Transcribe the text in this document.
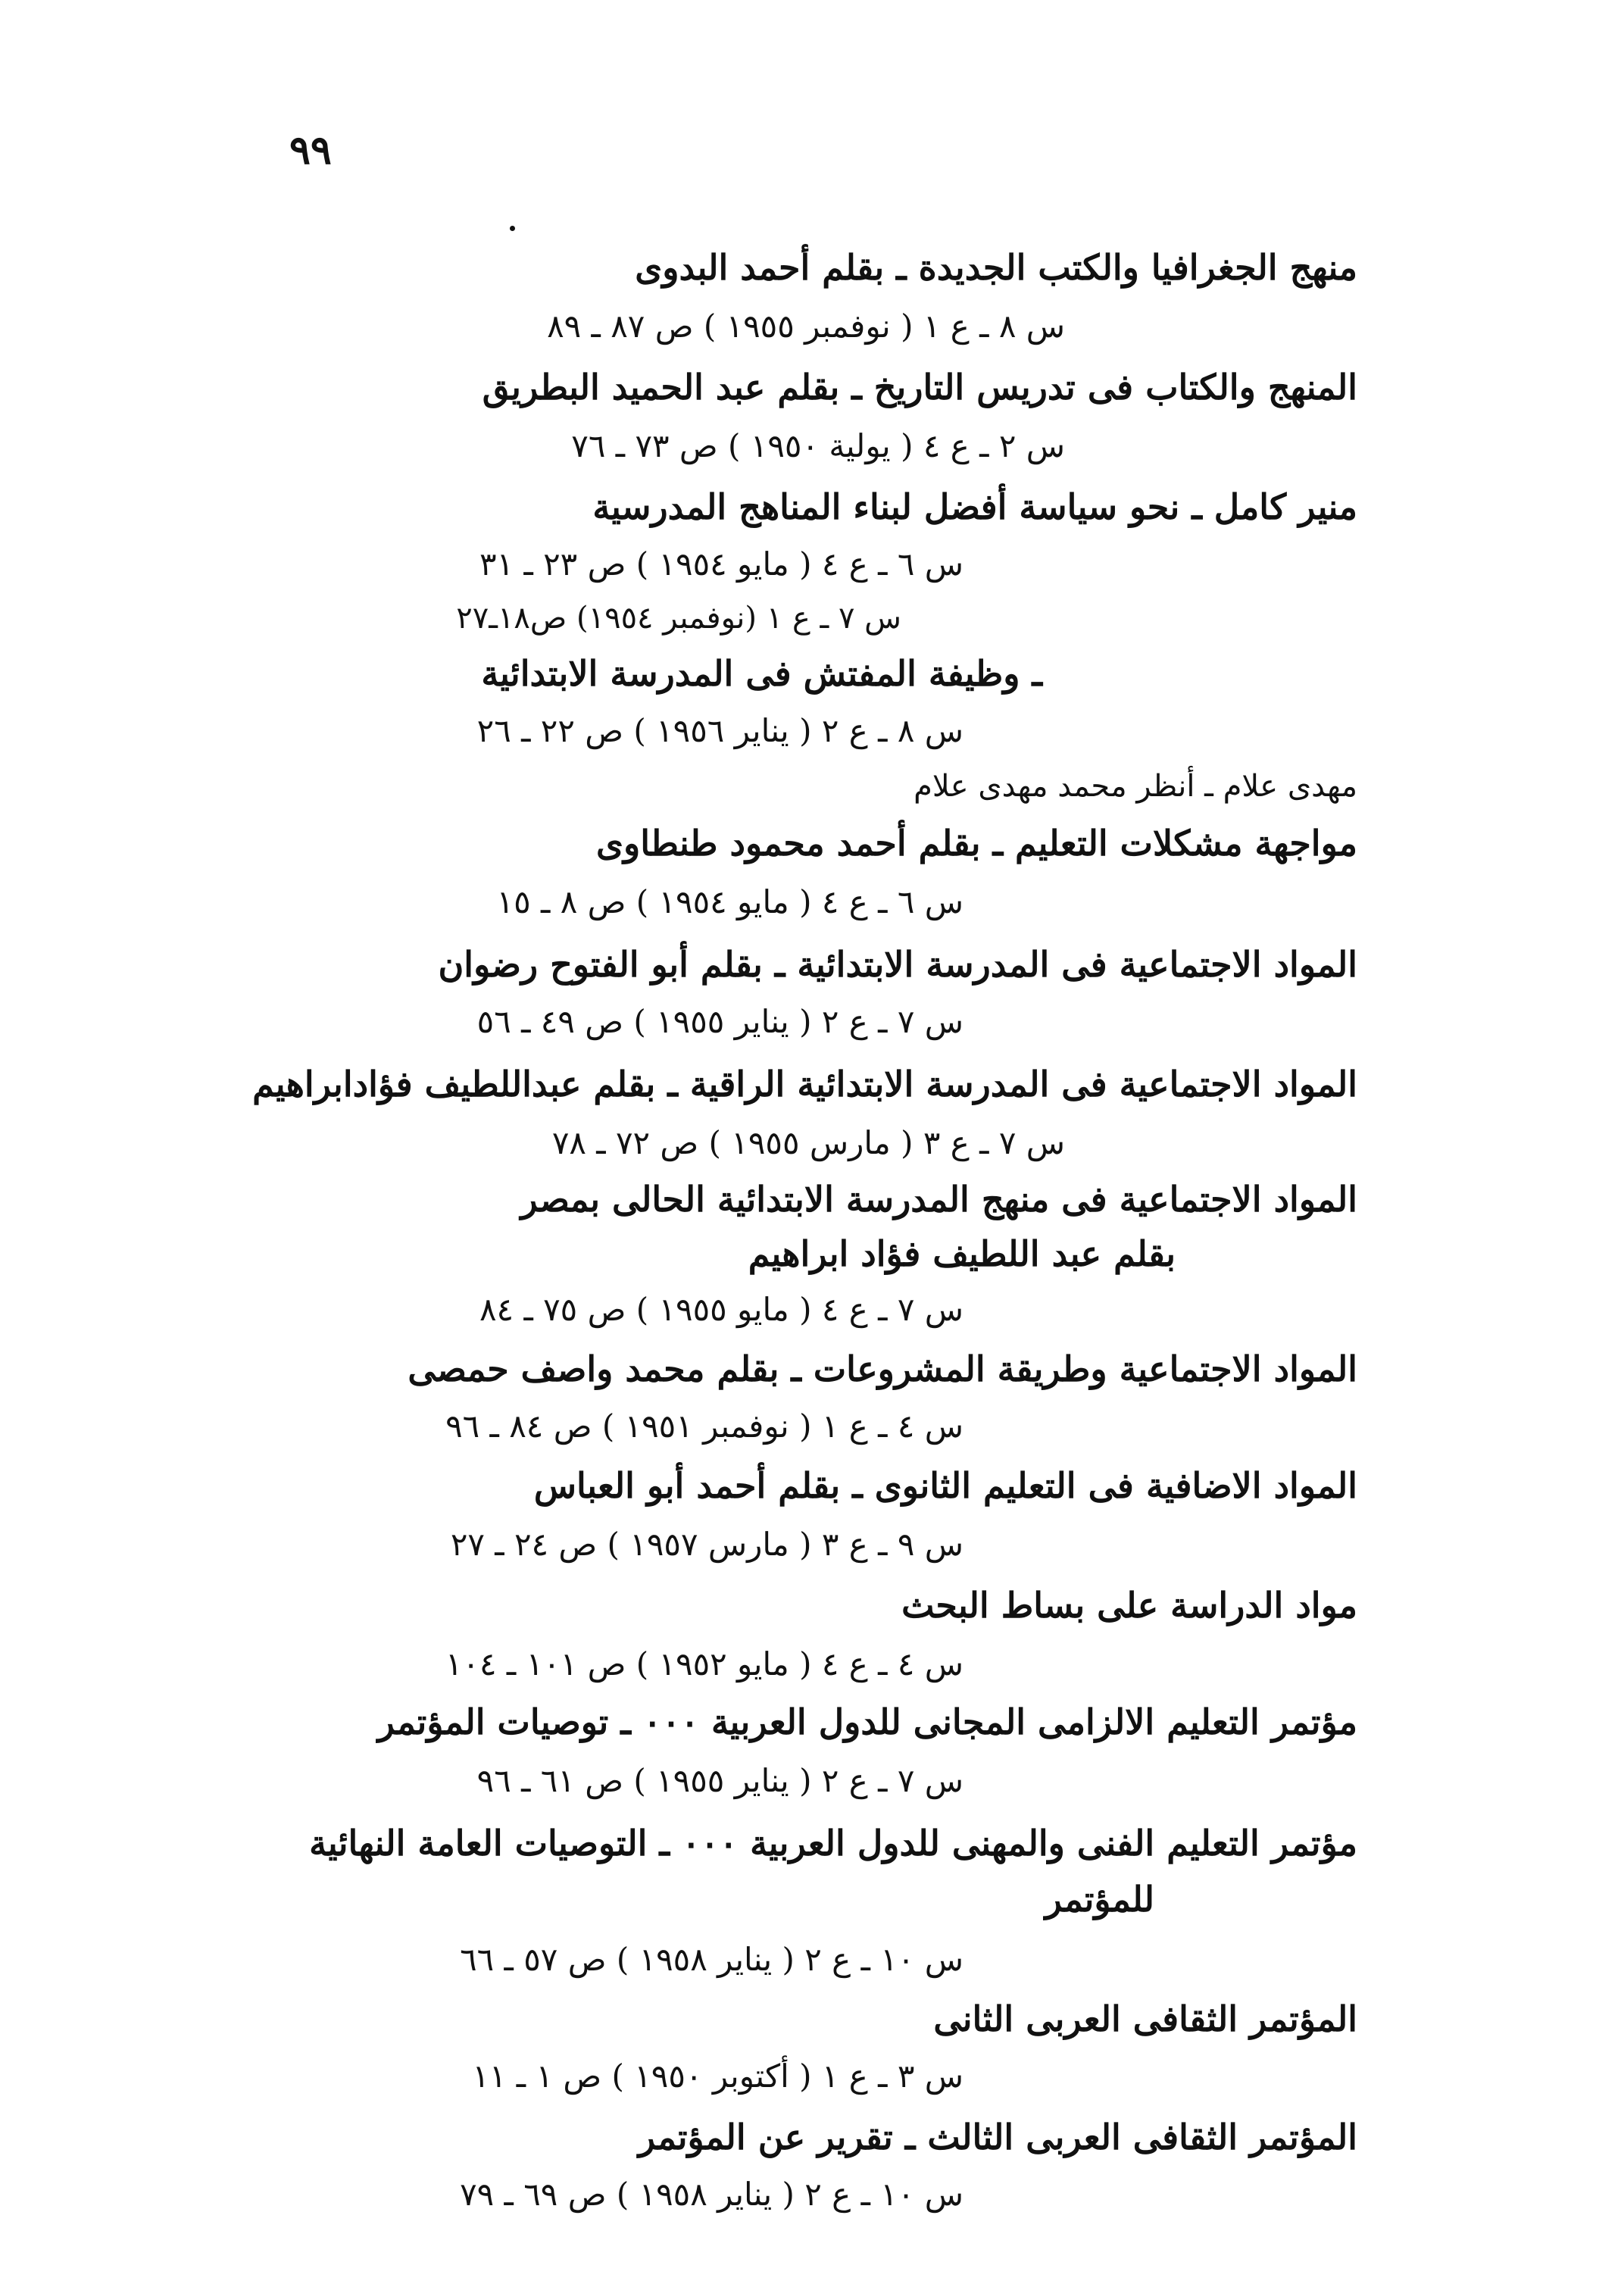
٩٩
منهج الجغرافيا والكتب الجديدة ـ بقلم أحمد البدوى
س ٨ ـ ع ١ ( نوفمبر ١٩٥٥ ) ص ٨٧ ـ ٨٩
المنهج والكتاب فى تدريس التاريخ ـ بقلم عبد الحميد البطريق
س ٢ ـ ع ٤ ( يولية ١٩٥٠ ) ص ٧٣ ـ ٧٦
منير كامل ـ نحو سياسة أفضل لبناء المناهج المدرسية
س ٦ ـ ع ٤ ( مايو ١٩٥٤ ) ص ٢٣ ـ ٣١
س ٧ ـ ع ١ (نوفمبر ١٩٥٤) ص١٨ـ٢٧
ـ وظيفة المفتش فى المدرسة الابتدائية
س ٨ ـ ع ٢ ( يناير ١٩٥٦ ) ص ٢٢ ـ ٢٦
مهدى علام ـ أنظر محمد مهدى علام
مواجهة مشكلات التعليم ـ بقلم أحمد محمود طنطاوى
س ٦ ـ ع ٤ ( مايو ١٩٥٤ ) ص ٨ ـ ١٥
المواد الاجتماعية فى المدرسة الابتدائية ـ بقلم أبو الفتوح رضوان
س ٧ ـ ع ٢ ( يناير ١٩٥٥ ) ص ٤٩ ـ ٥٦
المواد الاجتماعية فى المدرسة الابتدائية الراقية ـ بقلم عبداللطيف فؤادابراهيم
س ٧ ـ ع ٣ ( مارس ١٩٥٥ ) ص ٧٢ ـ ٧٨
المواد الاجتماعية فى منهج المدرسة الابتدائية الحالى بمصر
بقلم عبد اللطيف فؤاد ابراهيم
س ٧ ـ ع ٤ ( مايو ١٩٥٥ ) ص ٧٥ ـ ٨٤
المواد الاجتماعية وطريقة المشروعات ـ بقلم محمد واصف حمصى
س ٤ ـ ع ١ ( نوفمبر ١٩٥١ ) ص ٨٤ ـ ٩٦
المواد الاضافية فى التعليم الثانوى ـ بقلم أحمد أبو العباس
س ٩ ـ ع ٣ ( مارس ١٩٥٧ ) ص ٢٤ ـ ٢٧
مواد الدراسة على بساط البحث
س ٤ ـ ع ٤ ( مايو ١٩٥٢ ) ص ١٠١ ـ ١٠٤
مؤتمر التعليم الالزامى المجانى للدول العربية ٠٠٠ ـ توصيات المؤتمر
س ٧ ـ ع ٢ ( يناير ١٩٥٥ ) ص ٦١ ـ ٩٦
مؤتمر التعليم الفنى والمهنى للدول العربية ٠٠٠ ـ التوصيات العامة النهائية
للمؤتمر
س ١٠ ـ ع ٢ ( يناير ١٩٥٨ ) ص ٥٧ ـ ٦٦
المؤتمر الثقافى العربى الثانى
س ٣ ـ ع ١ ( أكتوبر ١٩٥٠ ) ص ١ ـ ١١
المؤتمر الثقافى العربى الثالث ـ تقرير عن المؤتمر
س ١٠ ـ ع ٢ ( يناير ١٩٥٨ ) ص ٦٩ ـ ٧٩
